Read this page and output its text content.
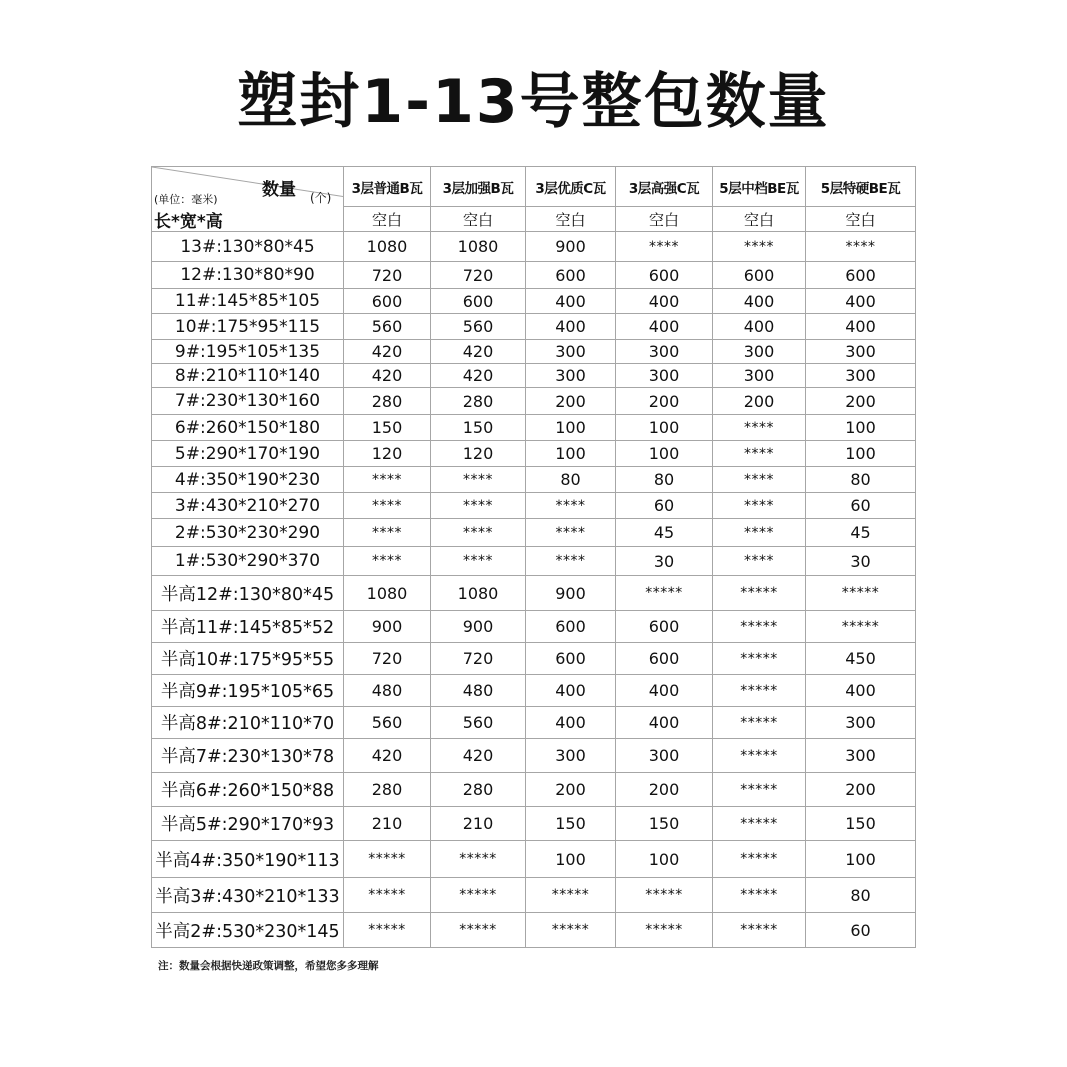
塑封1-13号整包数量
数量 (个)
(单位：毫米)
长*宽*高	3层普通B瓦	3层加强B瓦	3层优质C瓦	3层高强C瓦	5层中档BE瓦	5层特硬BE瓦
	空白	空白	空白	空白	空白	空白
13#:130*80*45	1080	1080	900	****	****	****
12#:130*80*90	720	720	600	600	600	600
11#:145*85*105	600	600	400	400	400	400
10#:175*95*115	560	560	400	400	400	400
9#:195*105*135	420	420	300	300	300	300
8#:210*110*140	420	420	300	300	300	300
7#:230*130*160	280	280	200	200	200	200
6#:260*150*180	150	150	100	100	****	100
5#:290*170*190	120	120	100	100	****	100
4#:350*190*230	****	****	80	80	****	80
3#:430*210*270	****	****	****	60	****	60
2#:530*230*290	****	****	****	45	****	45
1#:530*290*370	****	****	****	30	****	30
半高12#:130*80*45	1080	1080	900	*****	*****	*****
半高11#:145*85*52	900	900	600	600	*****	*****
半高10#:175*95*55	720	720	600	600	*****	450
半高9#:195*105*65	480	480	400	400	*****	400
半高8#:210*110*70	560	560	400	400	*****	300
半高7#:230*130*78	420	420	300	300	*****	300
半高6#:260*150*88	280	280	200	200	*****	200
半高5#:290*170*93	210	210	150	150	*****	150
半高4#:350*190*113	*****	*****	100	100	*****	100
半高3#:430*210*133	*****	*****	*****	*****	*****	80
半高2#:530*230*145	*****	*****	*****	*****	*****	60
注：数量会根据快递政策调整，希望您多多理解
